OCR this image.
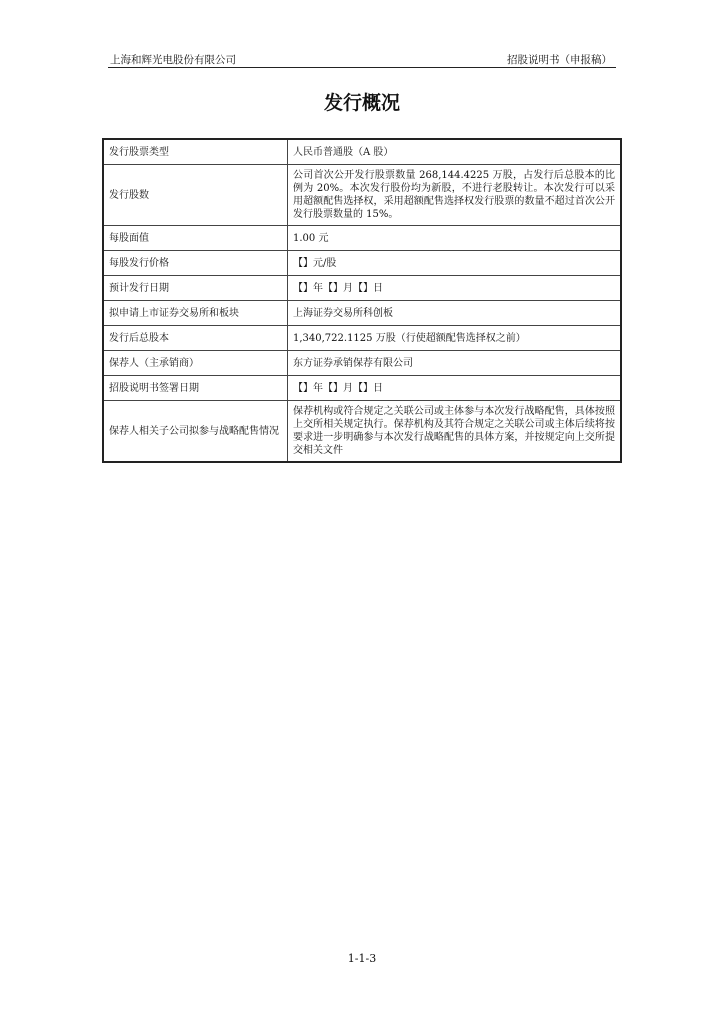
上海和辉光电股份有限公司	招股说明书（申报稿）
发行概况
发行股票类型	人民币普通股（A 股）
发行股数	公司首次公开发行股票数量 268,144.4225 万股，占发行后总股本的比例为 20%。本次发行股份均为新股，不进行老股转让。本次发行可以采用超额配售选择权，采用超额配售选择权发行股票的数量不超过首次公开发行股票数量的 15%。
每股面值	1.00 元
每股发行价格	【】元/股
预计发行日期	【】年【】月【】日
拟申请上市证券交易所和板块	上海证券交易所科创板
发行后总股本	1,340,722.1125 万股（行使超额配售选择权之前）
保荐人（主承销商）	东方证券承销保荐有限公司
招股说明书签署日期	【】年【】月【】日
保荐人相关子公司拟参与战略配售情况	保荐机构或符合规定之关联公司或主体参与本次发行战略配售，具体按照上交所相关规定执行。保荐机构及其符合规定之关联公司或主体后续将按要求进一步明确参与本次发行战略配售的具体方案，并按规定向上交所提交相关文件
1-1-3
